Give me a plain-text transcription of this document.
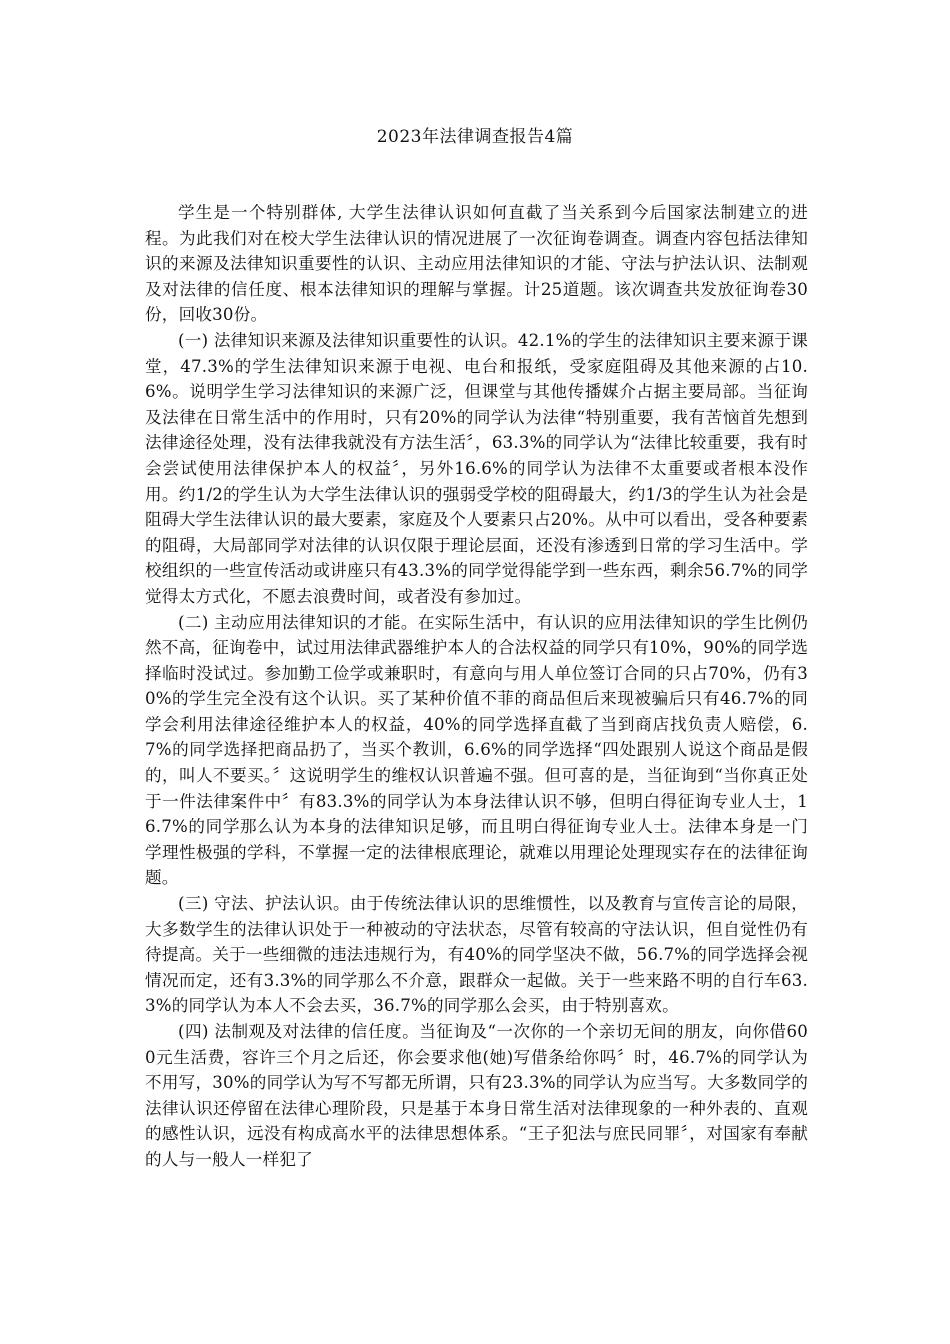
2023年法律调查报告4篇

学生是一个特别群体, 大学生法律认识如何直截了当关系到今后国家法制建立的进程。为此我们对在校大学生法律认识的情况进展了一次征询卷调查。调查内容包括法律知识的来源及法律知识重要性的认识、主动应用法律知识的才能、守法与护法认识、法制观及对法律的信任度、根本法律知识的理解与掌握。计25道题。该次调查共发放征询卷30份，回收30份。

(一) 法律知识来源及法律知识重要性的认识。42.1%的学生的法律知识主要来源于课堂，47.3%的学生法律知识来源于电视、电台和报纸，受家庭阻碍及其他来源的占10.6%。说明学生学习法律知识的来源广泛，但课堂与其他传播媒介占据主要局部。当征询及法律在日常生活中的作用时，只有20%的同学认为法律“特别重要，我有苦恼首先想到法律途径处理，没有法律我就没有方法生活〞，63.3%的同学认为“法律比较重要，我有时会尝试使用法律保护本人的权益〞，另外16.6%的同学认为法律不太重要或者根本没作用。约1/2的学生认为大学生法律认识的强弱受学校的阻碍最大，约1/3的学生认为社会是阻碍大学生法律认识的最大要素，家庭及个人要素只占20%。从中可以看出，受各种要素的阻碍，大局部同学对法律的认识仅限于理论层面，还没有渗透到日常的学习生活中。学校组织的一些宣传活动或讲座只有43.3%的同学觉得能学到一些东西，剩余56.7%的同学觉得太方式化，不愿去浪费时间，或者没有参加过。

(二) 主动应用法律知识的才能。在实际生活中，有认识的应用法律知识的学生比例仍然不高，征询卷中，试过用法律武器维护本人的合法权益的同学只有10%，90%的同学选择临时没试过。参加勤工俭学或兼职时，有意向与用人单位签订合同的只占70%，仍有30%的学生完全没有这个认识。买了某种价值不菲的商品但后来现被骗后只有46.7%的同学会利用法律途径维护本人的权益，40%的同学选择直截了当到商店找负责人赔偿，6.7%的同学选择把商品扔了，当买个教训，6.6%的同学选择“四处跟别人说这个商品是假的，叫人不要买。〞这说明学生的维权认识普遍不强。但可喜的是，当征询到“当你真正处于一件法律案件中〞有83.3%的同学认为本身法律认识不够，但明白得征询专业人士，16.7%的同学那么认为本身的法律知识足够，而且明白得征询专业人士。法律本身是一门学理性极强的学科，不掌握一定的法律根底理论，就难以用理论处理现实存在的法律征询题。

(三) 守法、护法认识。由于传统法律认识的思维惯性，以及教育与宣传言论的局限，大多数学生的法律认识处于一种被动的守法状态，尽管有较高的守法认识，但自觉性仍有待提高。关于一些细微的违法违规行为，有40%的同学坚决不做，56.7%的同学选择会视情况而定，还有3.3%的同学那么不介意，跟群众一起做。关于一些来路不明的自行车63.3%的同学认为本人不会去买，36.7%的同学那么会买，由于特别喜欢。

(四) 法制观及对法律的信任度。当征询及“一次你的一个亲切无间的朋友，向你借600元生活费，容许三个月之后还，你会要求他(她)写借条给你吗〞时，46.7%的同学认为不用写，30%的同学认为写不写都无所谓，只有23.3%的同学认为应当写。大多数同学的法律认识还停留在法律心理阶段，只是基于本身日常生活对法律现象的一种外表的、直观的感性认识，远没有构成高水平的法律思想体系。“王子犯法与庶民同罪〞，对国家有奉献的人与一般人一样犯了
